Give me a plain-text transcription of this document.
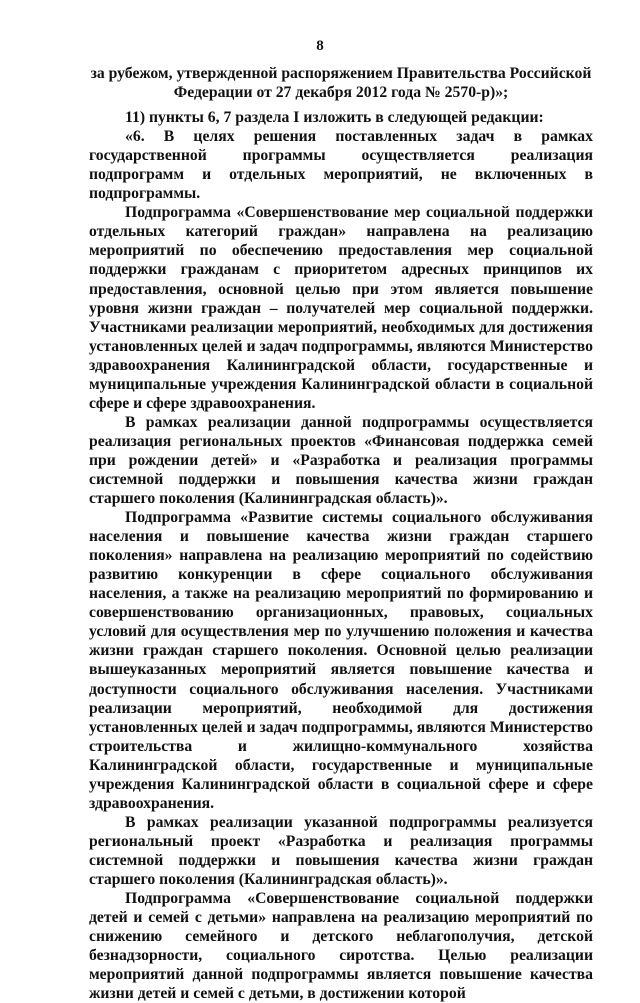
8

за рубежом, утвержденной распоряжением Правительства Российской Федерации от 27 декабря 2012 года № 2570-р)»;

11) пункты 6, 7 раздела I изложить в следующей редакции:

«6. В целях решения поставленных задач в рамках государственной программы осуществляется реализация подпрограмм и отдельных мероприятий, не включенных в подпрограммы.

Подпрограмма «Совершенствование мер социальной поддержки отдельных категорий граждан» направлена на реализацию мероприятий по обеспечению предоставления мер социальной поддержки гражданам с приоритетом адресных принципов их предоставления, основной целью при этом является повышение уровня жизни граждан – получателей мер социальной поддержки. Участниками реализации мероприятий, необходимых для достижения установленных целей и задач подпрограммы, являются Министерство здравоохранения Калининградской области, государственные и муниципальные учреждения Калининградской области в социальной сфере и сфере здравоохранения.

В рамках реализации данной подпрограммы осуществляется реализация региональных проектов «Финансовая поддержка семей при рождении детей» и «Разработка и реализация программы системной поддержки и повышения качества жизни граждан старшего поколения (Калининградская область)».

Подпрограмма «Развитие системы социального обслуживания населения и повышение качества жизни граждан старшего поколения» направлена на реализацию мероприятий по содействию развитию конкуренции в сфере социального обслуживания населения, а также на реализацию мероприятий по формированию и совершенствованию организационных, правовых, социальных условий для осуществления мер по улучшению положения и качества жизни граждан старшего поколения. Основной целью реализации вышеуказанных мероприятий является повышение качества и доступности социального обслуживания населения. Участниками реализации мероприятий, необходимой для достижения установленных целей и задач подпрограммы, являются Министерство строительства и жилищно-коммунального хозяйства Калининградской области, государственные и муниципальные учреждения Калининградской области в социальной сфере и сфере здравоохранения.

В рамках реализации указанной подпрограммы реализуется региональный проект «Разработка и реализация программы системной поддержки и повышения качества жизни граждан старшего поколения (Калининградская область)».

Подпрограмма «Совершенствование социальной поддержки детей и семей с детьми» направлена на реализацию мероприятий по снижению семейного и детского неблагополучия, детской безнадзорности, социального сиротства. Целью реализации мероприятий данной подпрограммы является повышение качества жизни детей и семей с детьми, в достижении которой
